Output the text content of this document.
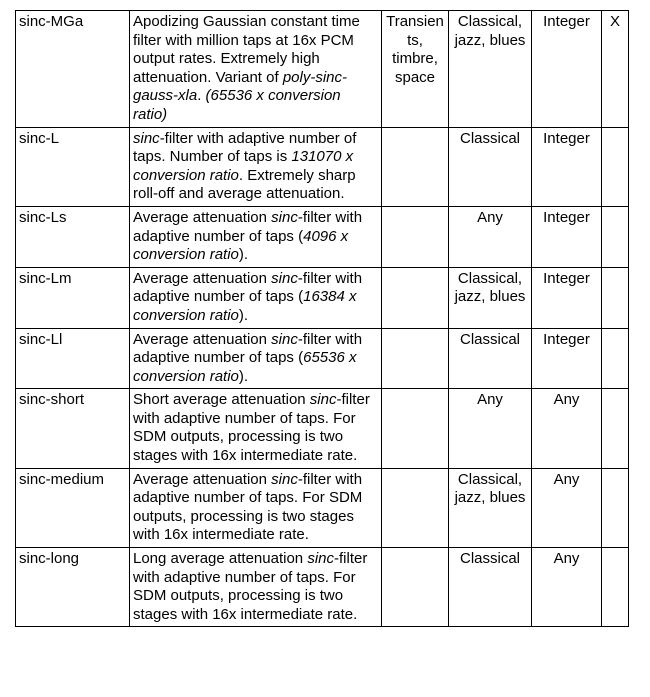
sinc-MGa	Apodizing Gaussian constant time filter with million taps at 16x PCM output rates. Extremely high attenuation. Variant of poly-sinc-gauss-xla. (65536 x conversion ratio)	Transients, timbre, space	Classical, jazz, blues	Integer	X
sinc-L	sinc-filter with adaptive number of taps. Number of taps is 131070 x conversion ratio. Extremely sharp roll-off and average attenuation.		Classical	Integer	
sinc-Ls	Average attenuation sinc-filter with adaptive number of taps (4096 x conversion ratio).		Any	Integer	
sinc-Lm	Average attenuation sinc-filter with adaptive number of taps (16384 x conversion ratio).		Classical, jazz, blues	Integer	
sinc-Ll	Average attenuation sinc-filter with adaptive number of taps (65536 x conversion ratio).		Classical	Integer	
sinc-short	Short average attenuation sinc-filter with adaptive number of taps. For SDM outputs, processing is two stages with 16x intermediate rate.		Any	Any	
sinc-medium	Average attenuation sinc-filter with adaptive number of taps. For SDM outputs, processing is two stages with 16x intermediate rate.		Classical, jazz, blues	Any	
sinc-long	Long average attenuation sinc-filter with adaptive number of taps. For SDM outputs, processing is two stages with 16x intermediate rate.		Classical	Any	
